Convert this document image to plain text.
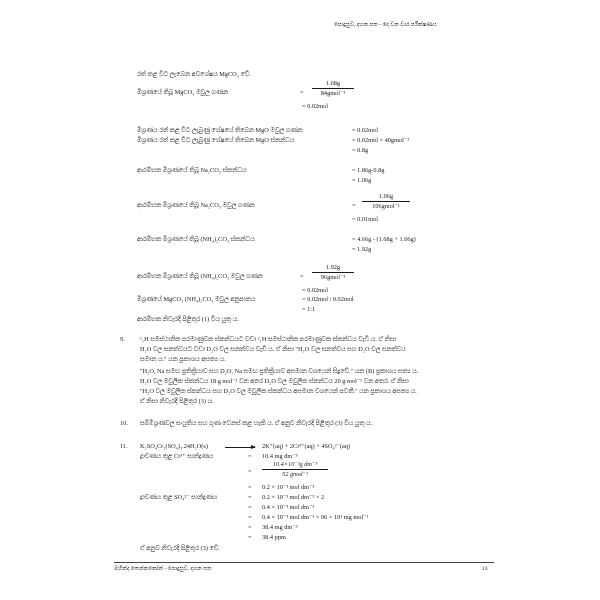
පොදුසුව, දහන පත - දෙ වන වාර පරීක්ෂණය
රත් කළ විට ලැබෙන අවශේෂය MgCO₃ වේ.
මිශ්‍රණයේ තිබූ MgCO₃ මවුල ගණන	=
1.68g
84gmol⁻¹
= 0.02mol
මිශ්‍රණය රත් කළ විට ලැබුණු ශේෂයේ තිබෙන MgO මවුල ගණන	= 0.02mol
මිශ්‍රණය රත් කළ විට ලැබුණු ශේෂයේ තිබෙන MgO ස්කන්ධය	= 0.02mol × 40gmol⁻¹
= 0.8g
ආරම්භක මිශ්‍රණයේ තිබූ Na₂CO₃ ස්කන්ධය	= 1.86g-0.8g
= 1.06g
ආරම්භක මිශ්‍රණයේ තිබූ Na₂CO₃ මවුල ගණන	=
1.06g
106gmol⁻¹
= 0.01mol
ආරම්භක මිශ්‍රණයේ තිබූ (NH₄)₂CO₃ ස්කන්ධය	= 4.66g - (1.68g + 1.06g)
= 1.92g
ආරම්භක මිශ්‍රණයේ තිබූ (NH₄)₂CO₃ මවුල ගණන	=
1.92g
96gmol⁻¹
= 0.02mol
මිශ්‍රණයේ MgCO₃ (NH₄)₂CO₃ මවුල අනුපාතය	= 0.02mol : 0.02mol
= 1:1
ආරම්භක නිවැරදි පිළිතුර (1) වීය යුතු ය.
9. ¹₁H සමස්ථානික පරමාණුවක ස්කන්ධයට වඩා ²₁H සමස්ථානික පරමාණුවක ස්කන්ධය වැඩි ය. ඒ නිසා
H₂O වල සනත්වයට වඩා D₂O වල සනත්වය වැඩි ය. ඒ නිසා "H₂O වල සනත්වය සහ D₂O වල සනත්වය
සමාන ය." යන ප්‍රකාශය අසත්‍ය ය.
"H₂O, Na සමඟ ප්‍රතික්‍රියාව සහ D₂O, Na සමඟ ප්‍රතික්‍රියාව අසමාන වශයෙන් සිදුවේ." යන (B) ප්‍රකාශය සත්‍ය ය.
H₂O වල මවුලික ස්කන්ධය 18 g mol⁻¹ වන අතර D₂O වල මවුලික ස්කන්ධය 20 g mol⁻¹ වන අතර. ඒ නිසා
"H₂O වල මවුලික ස්කන්ධය සහ D₂O වල මවුලික ස්කන්ධය අසමාන වශයෙන් පවතී." යන ප්‍රකාශය අසත්‍ය ය.
ඒ නිසා නිවැරදි පිළිතුර (3) ය.
10. සම්මිශ්‍රණවල සංයුතිය සහ ගුණ වෙනස් කළ හැකි ය. ඒ අනුව නිවැරදි පිළිතුර (3) වීය යුතු ය.
11. K₂SO₄Cr₂(SO₄)₃.24H₂O(s) → 2K⁺(aq) + 2Cr³⁺(aq) + 4SO₄²⁻(aq)
ද්‍රාවණය තුළ Cr³⁺ සාන්ද්‍රණය	= 10.4 mg dm⁻³
=
10.4×10⁻³g dm⁻³
52 gmol⁻¹
= 0.2 × 10⁻³ mol dm⁻³
ද්‍රාවණය තුළ SO₄²⁻ සාන්ද්‍රණය	= 0.2 × 10⁻³ mol dm⁻³ × 2
= 0.4 × 10⁻³ mol dm⁻³
= 0.4 × 10⁻³ mol dm⁻³ × 96 × 10³ mg mol⁻¹
= 38.4 mg dm⁻³
= 38.4 ppm
ඒ අනුව නිවැරදි පිළිතුර (3) වේ.
මහින්ද තෙන්නකෝන් - පොදුසුව, දහන පත	13
